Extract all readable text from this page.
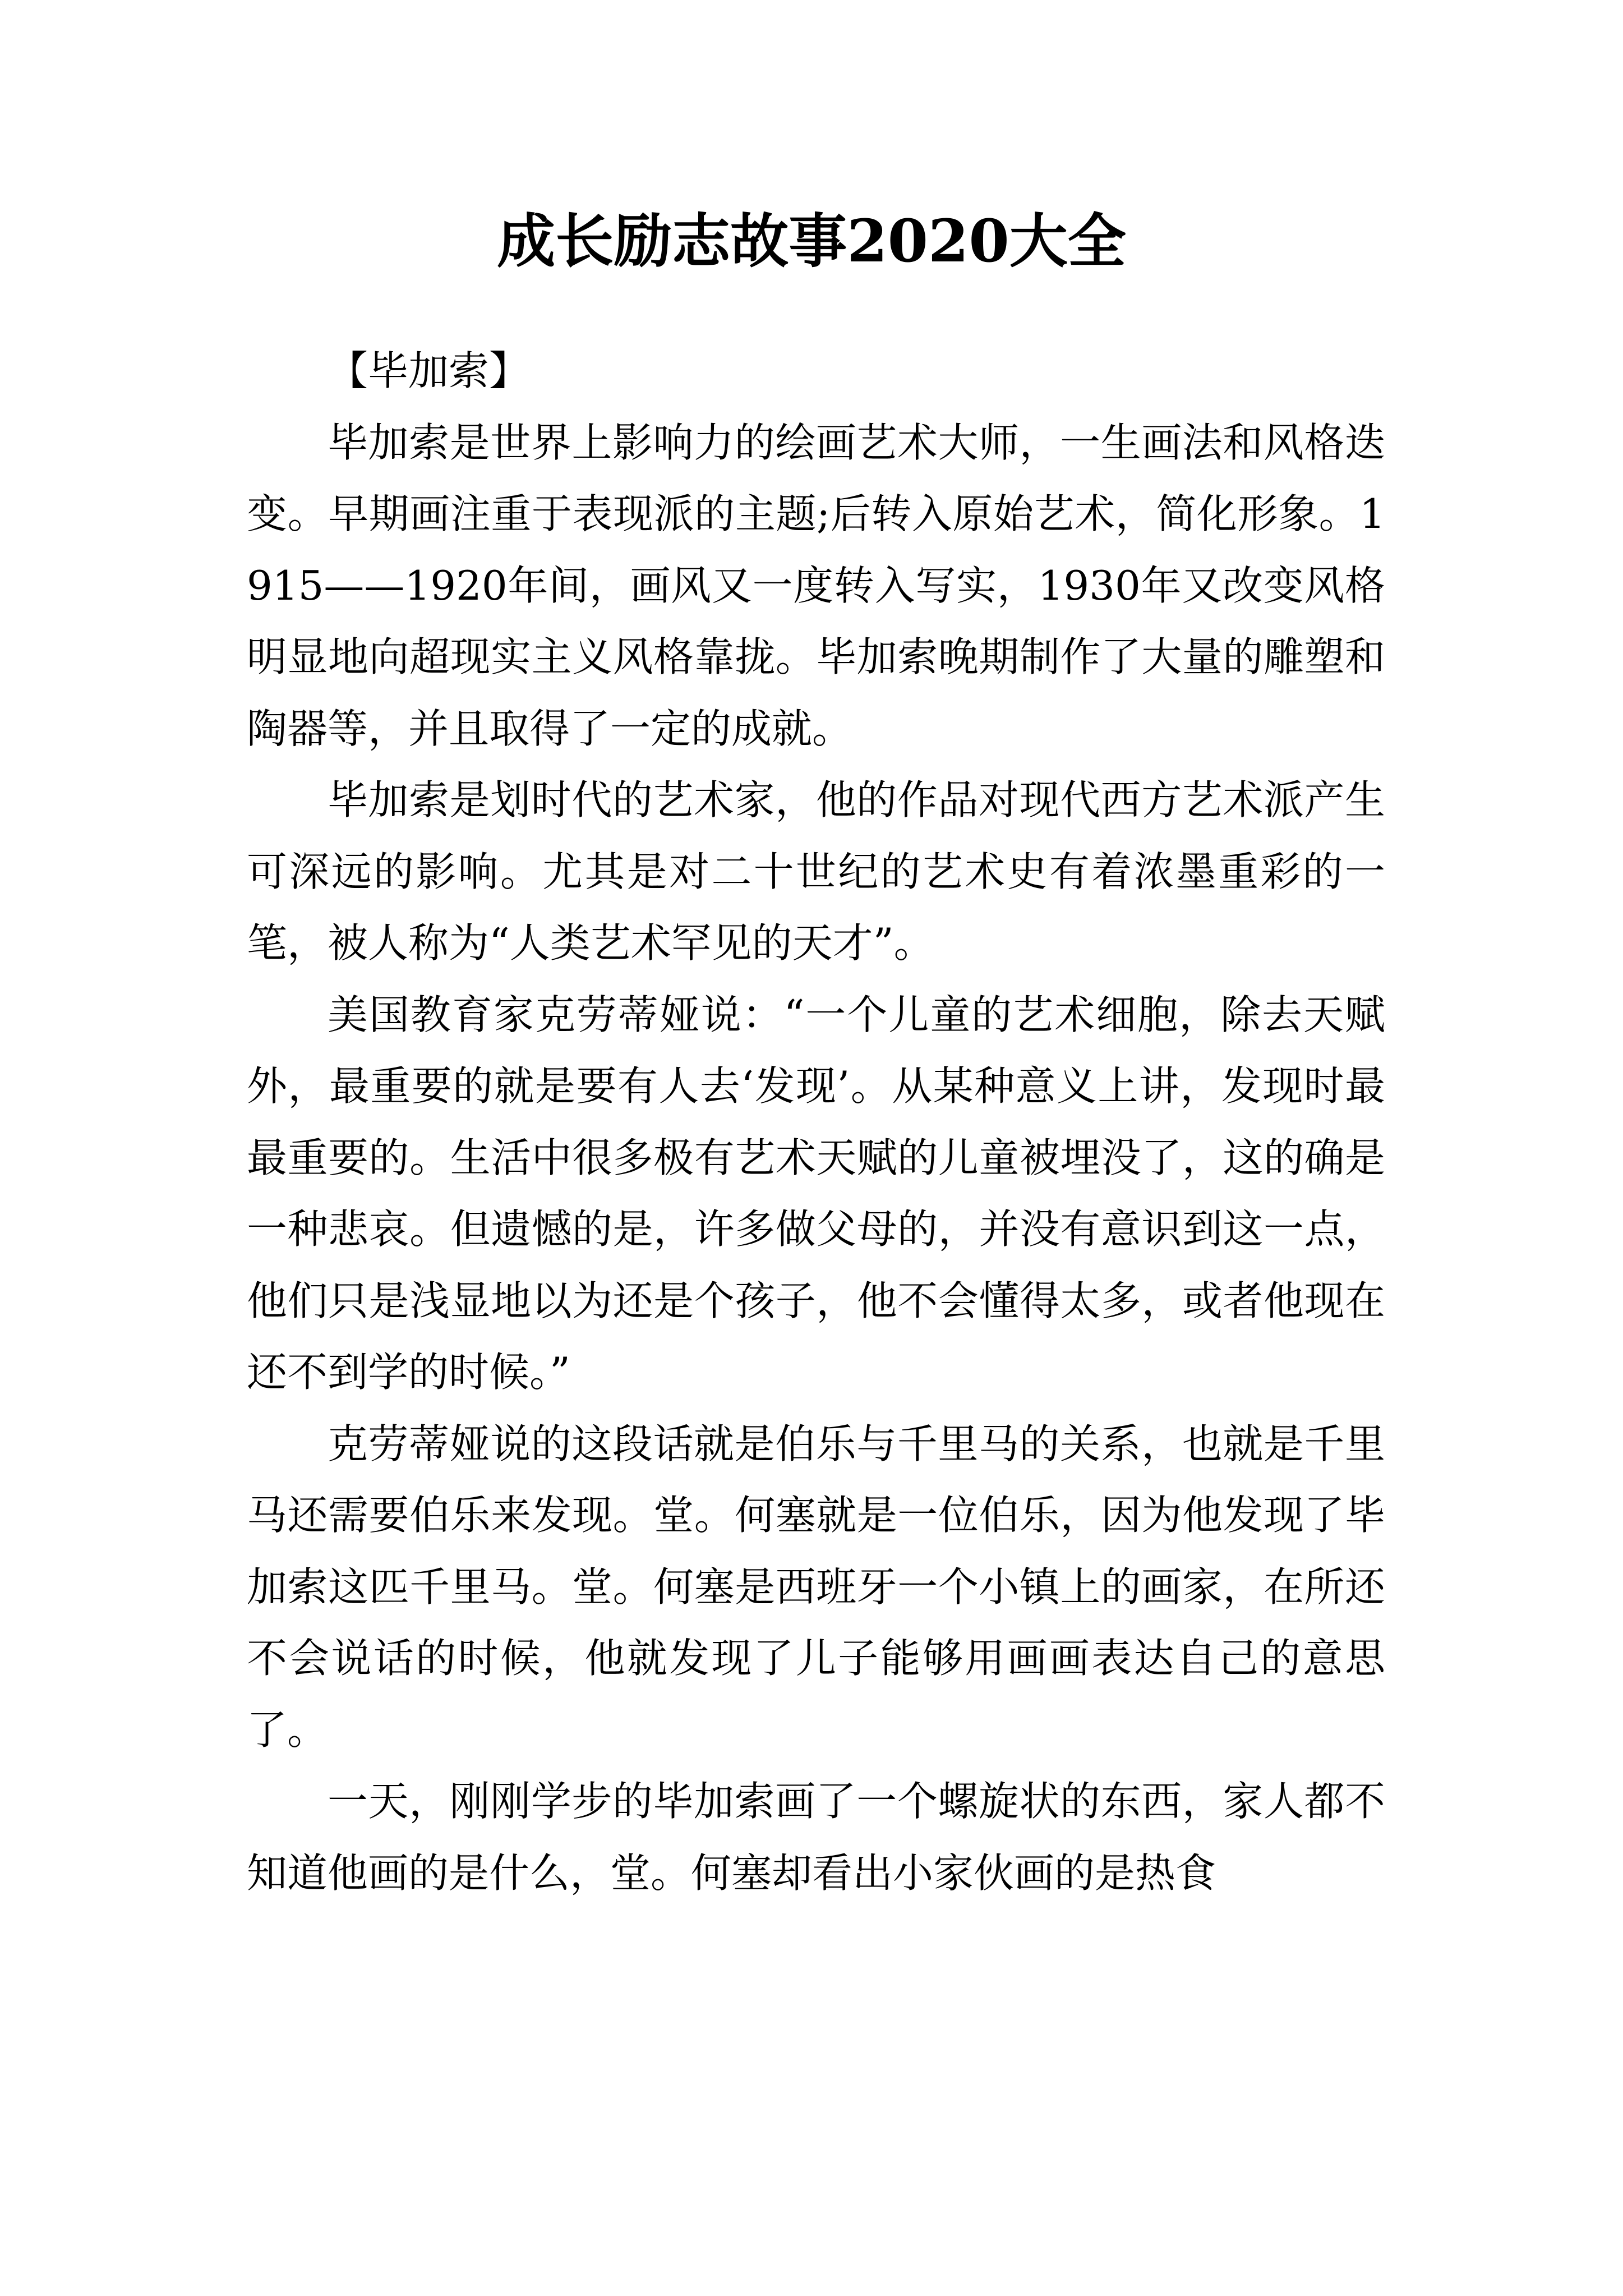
成长励志故事2020大全

【毕加索】

毕加索是世界上影响力的绘画艺术大师，一生画法和风格迭变。早期画注重于表现派的主题;后转入原始艺术，简化形象。1915——1920年间，画风又一度转入写实，1930年又改变风格明显地向超现实主义风格靠拢。毕加索晚期制作了大量的雕塑和陶器等，并且取得了一定的成就。

毕加索是划时代的艺术家，他的作品对现代西方艺术派产生可深远的影响。尤其是对二十世纪的艺术史有着浓墨重彩的一笔，被人称为“人类艺术罕见的天才”。

美国教育家克劳蒂娅说：“一个儿童的艺术细胞，除去天赋外，最重要的就是要有人去‘发现’。从某种意义上讲，发现时最最重要的。生活中很多极有艺术天赋的儿童被埋没了，这的确是一种悲哀。但遗憾的是，许多做父母的，并没有意识到这一点，他们只是浅显地以为还是个孩子，他不会懂得太多，或者他现在还不到学的时候。”

克劳蒂娅说的这段话就是伯乐与千里马的关系，也就是千里马还需要伯乐来发现。堂。何塞就是一位伯乐，因为他发现了毕加索这匹千里马。堂。何塞是西班牙一个小镇上的画家，在所还不会说话的时候，他就发现了儿子能够用画画表达自己的意思了。

一天，刚刚学步的毕加索画了一个螺旋状的东西，家人都不知道他画的是什么，堂。何塞却看出小家伙画的是热食
